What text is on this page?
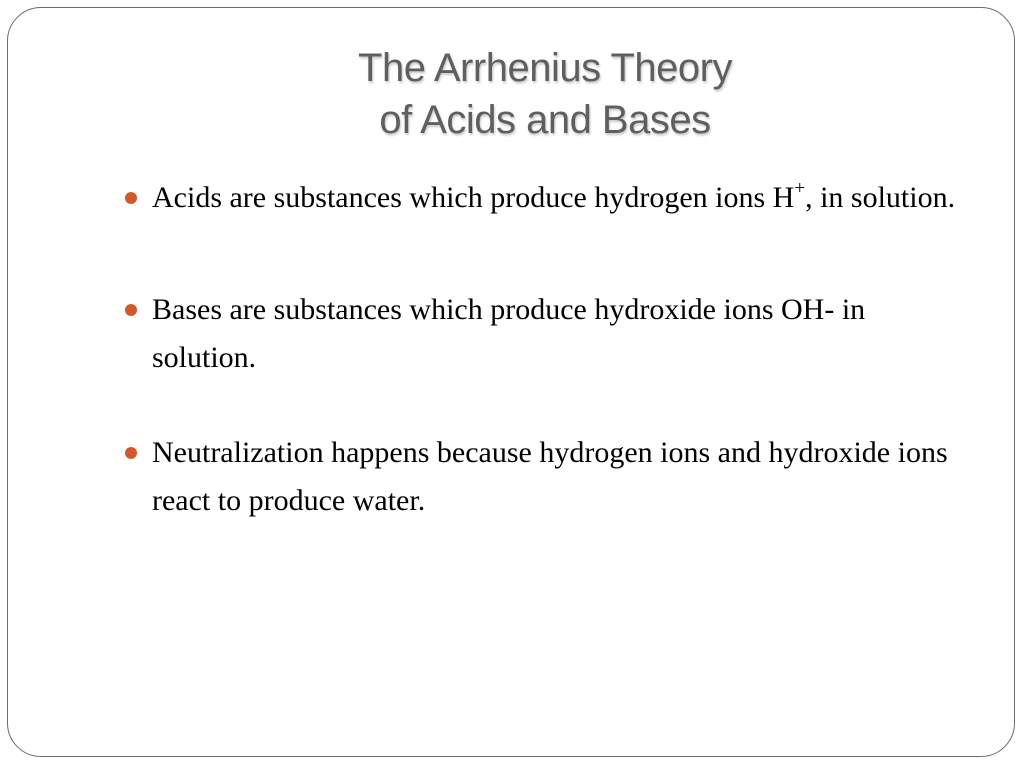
The Arrhenius Theory
of Acids and Bases
Acids are substances which produce hydrogen ions H+, in solution.
Bases are substances which produce hydroxide ions OH- in solution.
Neutralization happens because hydrogen ions and hydroxide ions react to produce water.
